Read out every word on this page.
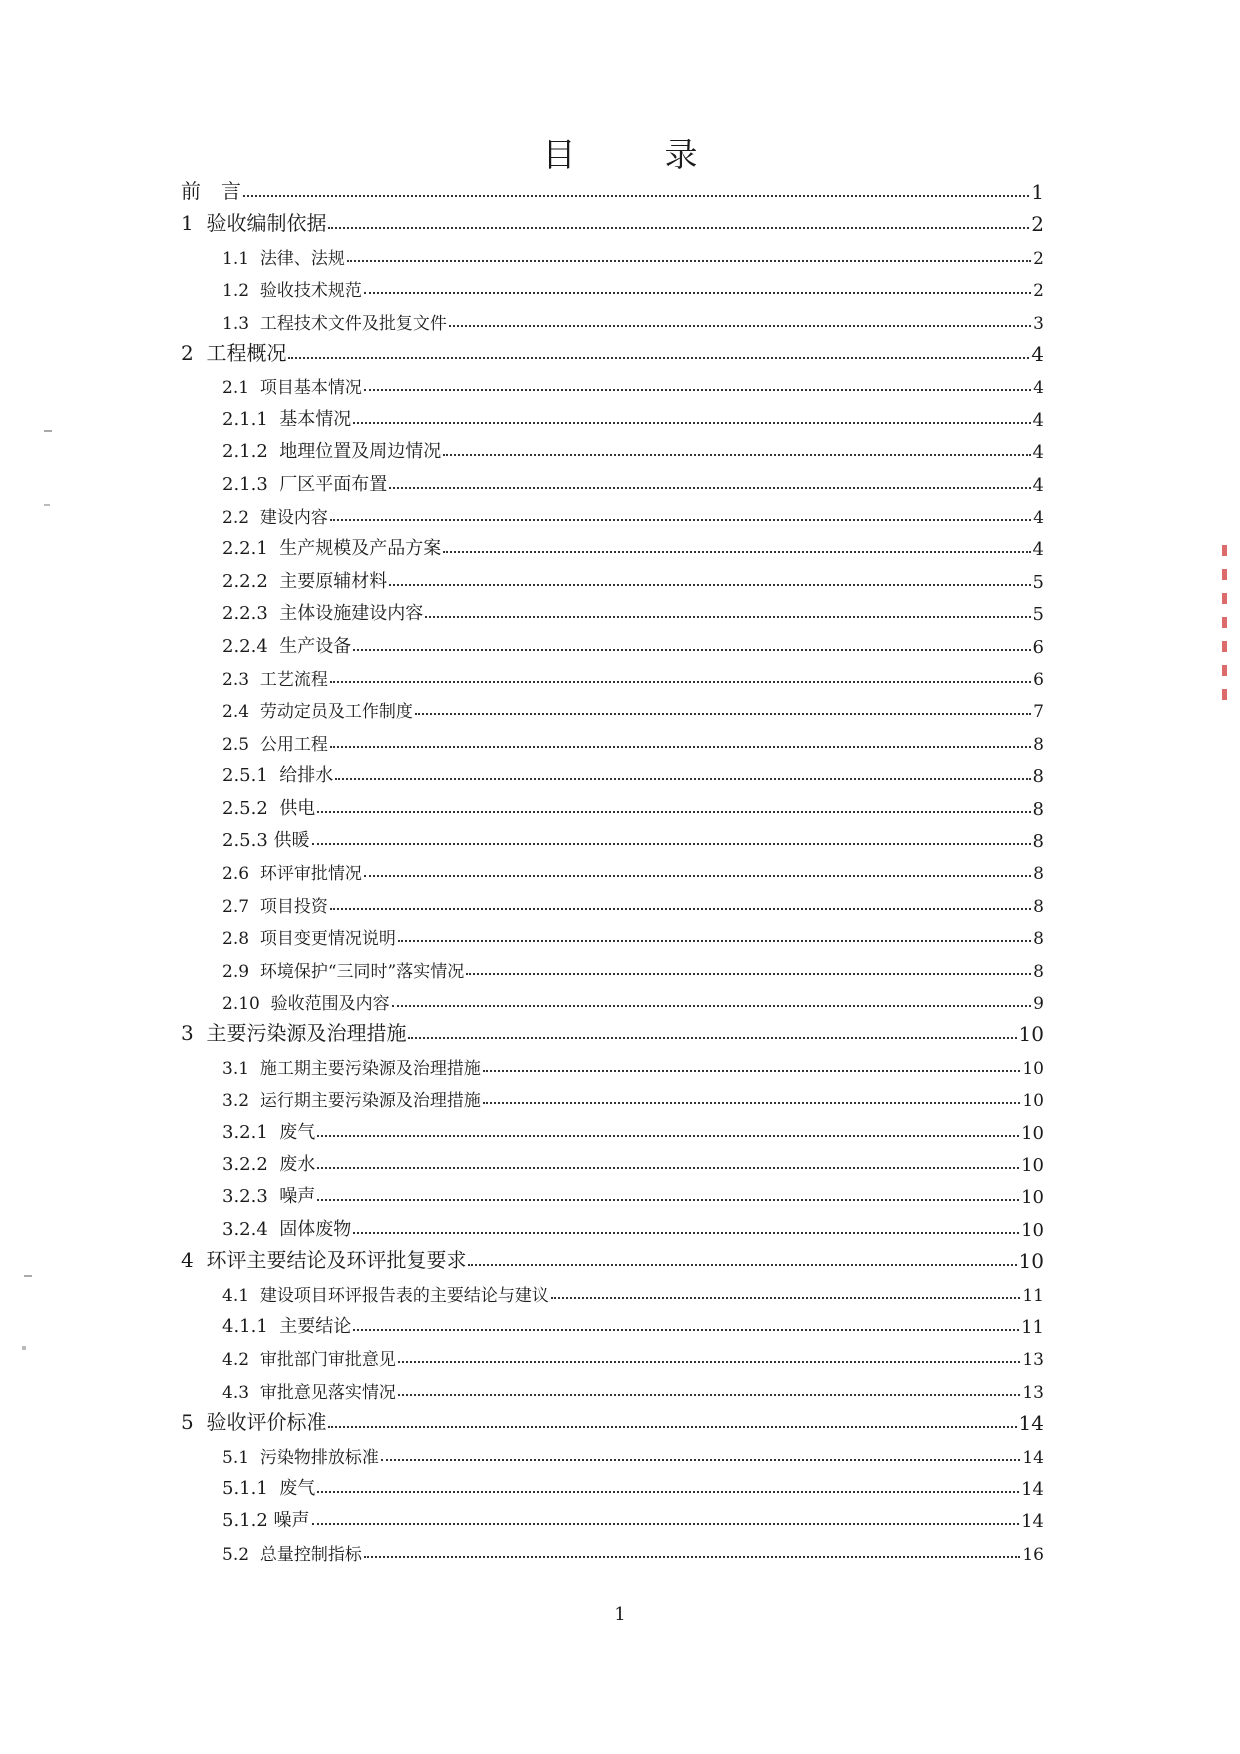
目　录
前　言	1
1  验收编制依据	2
1.1  法律、法规	2
1.2  验收技术规范	2
1.3  工程技术文件及批复文件	3
2  工程概况	4
2.1  项目基本情况	4
2.1.1  基本情况	4
2.1.2  地理位置及周边情况	4
2.1.3  厂区平面布置	4
2.2  建设内容	4
2.2.1  生产规模及产品方案	4
2.2.2  主要原辅材料	5
2.2.3  主体设施建设内容	5
2.2.4  生产设备	6
2.3  工艺流程	6
2.4  劳动定员及工作制度	7
2.5  公用工程	8
2.5.1  给排水	8
2.5.2  供电	8
2.5.3 供暖	8
2.6  环评审批情况	8
2.7  项目投资	8
2.8  项目变更情况说明	8
2.9  环境保护“三同时”落实情况	8
2.10  验收范围及内容	9
3  主要污染源及治理措施	10
3.1  施工期主要污染源及治理措施	10
3.2  运行期主要污染源及治理措施	10
3.2.1  废气	10
3.2.2  废水	10
3.2.3  噪声	10
3.2.4  固体废物	10
4  环评主要结论及环评批复要求	10
4.1  建设项目环评报告表的主要结论与建议	11
4.1.1  主要结论	11
4.2  审批部门审批意见	13
4.3  审批意见落实情况	13
5  验收评价标准	14
5.1  污染物排放标准	14
5.1.1  废气	14
5.1.2 噪声	14
5.2  总量控制指标	16
1
